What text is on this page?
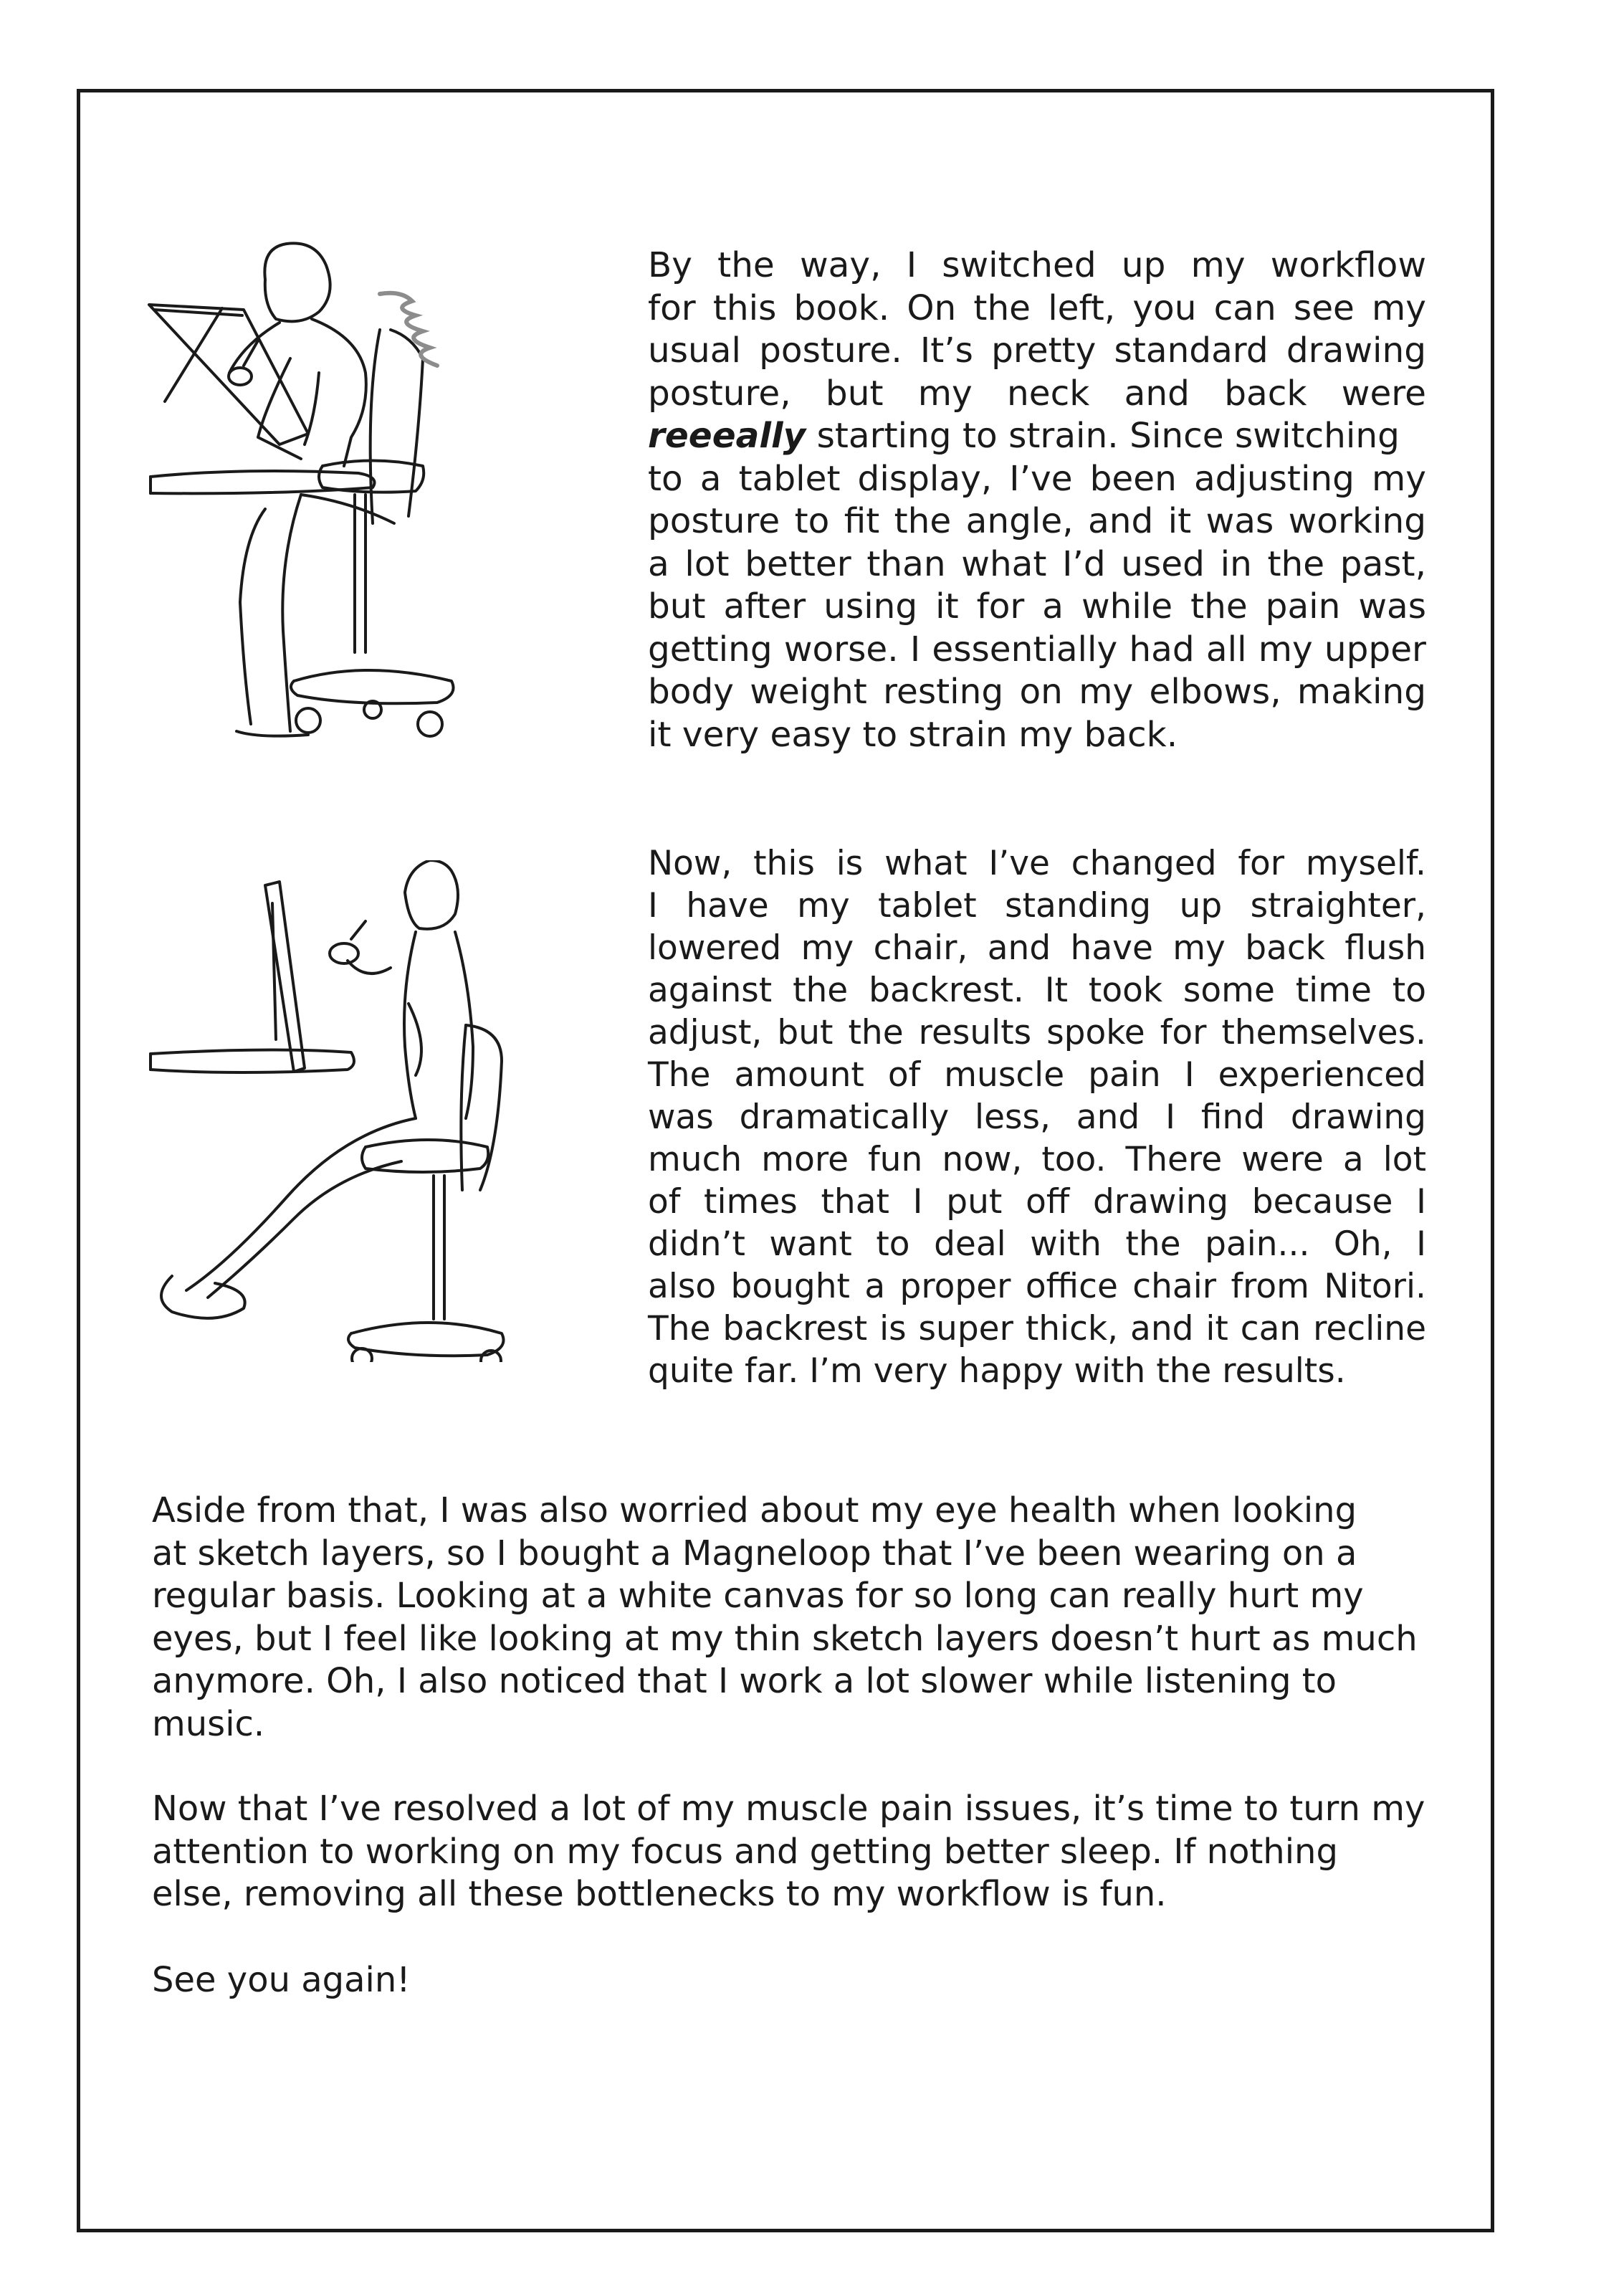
By the way, I switched up my workflow
for this book. On the left, you can see my
usual posture. It’s pretty standard drawing
posture, but my neck and back were
reeeally starting to strain. Since switching
to a tablet display, I’ve been adjusting my
posture to fit the angle, and it was working
a lot better than what I’d used in the past,
but after using it for a while the pain was
getting worse. I essentially had all my upper
body weight resting on my elbows, making
it very easy to strain my back.
Now, this is what I’ve changed for myself.
I have my tablet standing up straighter,
lowered my chair, and have my back flush
against the backrest. It took some time to
adjust, but the results spoke for themselves.
The amount of muscle pain I experienced
was dramatically less, and I find drawing
much more fun now, too. There were a lot
of times that I put off drawing because I
didn’t want to deal with the pain... Oh, I
also bought a proper office chair from Nitori.
The backrest is super thick, and it can recline
quite far. I’m very happy with the results.
Aside from that, I was also worried about my eye health when looking
at sketch layers, so I bought a Magneloop that I’ve been wearing on a
regular basis. Looking at a white canvas for so long can really hurt my
eyes, but I feel like looking at my thin sketch layers doesn’t hurt as much
anymore. Oh, I also noticed that I work a lot slower while listening to
music.
Now that I’ve resolved a lot of my muscle pain issues, it’s time to turn my
attention to working on my focus and getting better sleep. If nothing
else, removing all these bottlenecks to my workflow is fun.
See you again!
